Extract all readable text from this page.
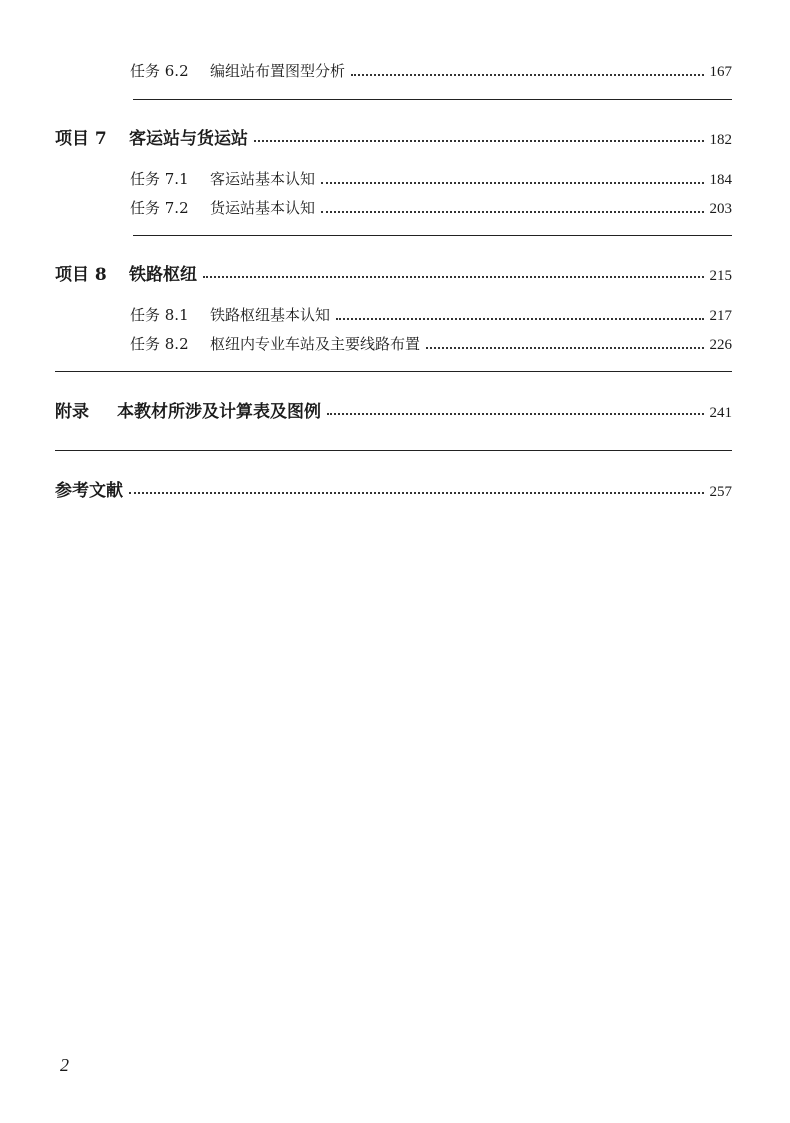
任务 6.2 编组站布置图型分析	167
项目 7 客运站与货运站	182
任务 7.1 客运站基本认知	184
任务 7.2 货运站基本认知	203
项目 8 铁路枢纽	215
任务 8.1 铁路枢纽基本认知	217
任务 8.2 枢纽内专业车站及主要线路布置	226
附录 本教材所涉及计算表及图例	241
参考文献	257
2
